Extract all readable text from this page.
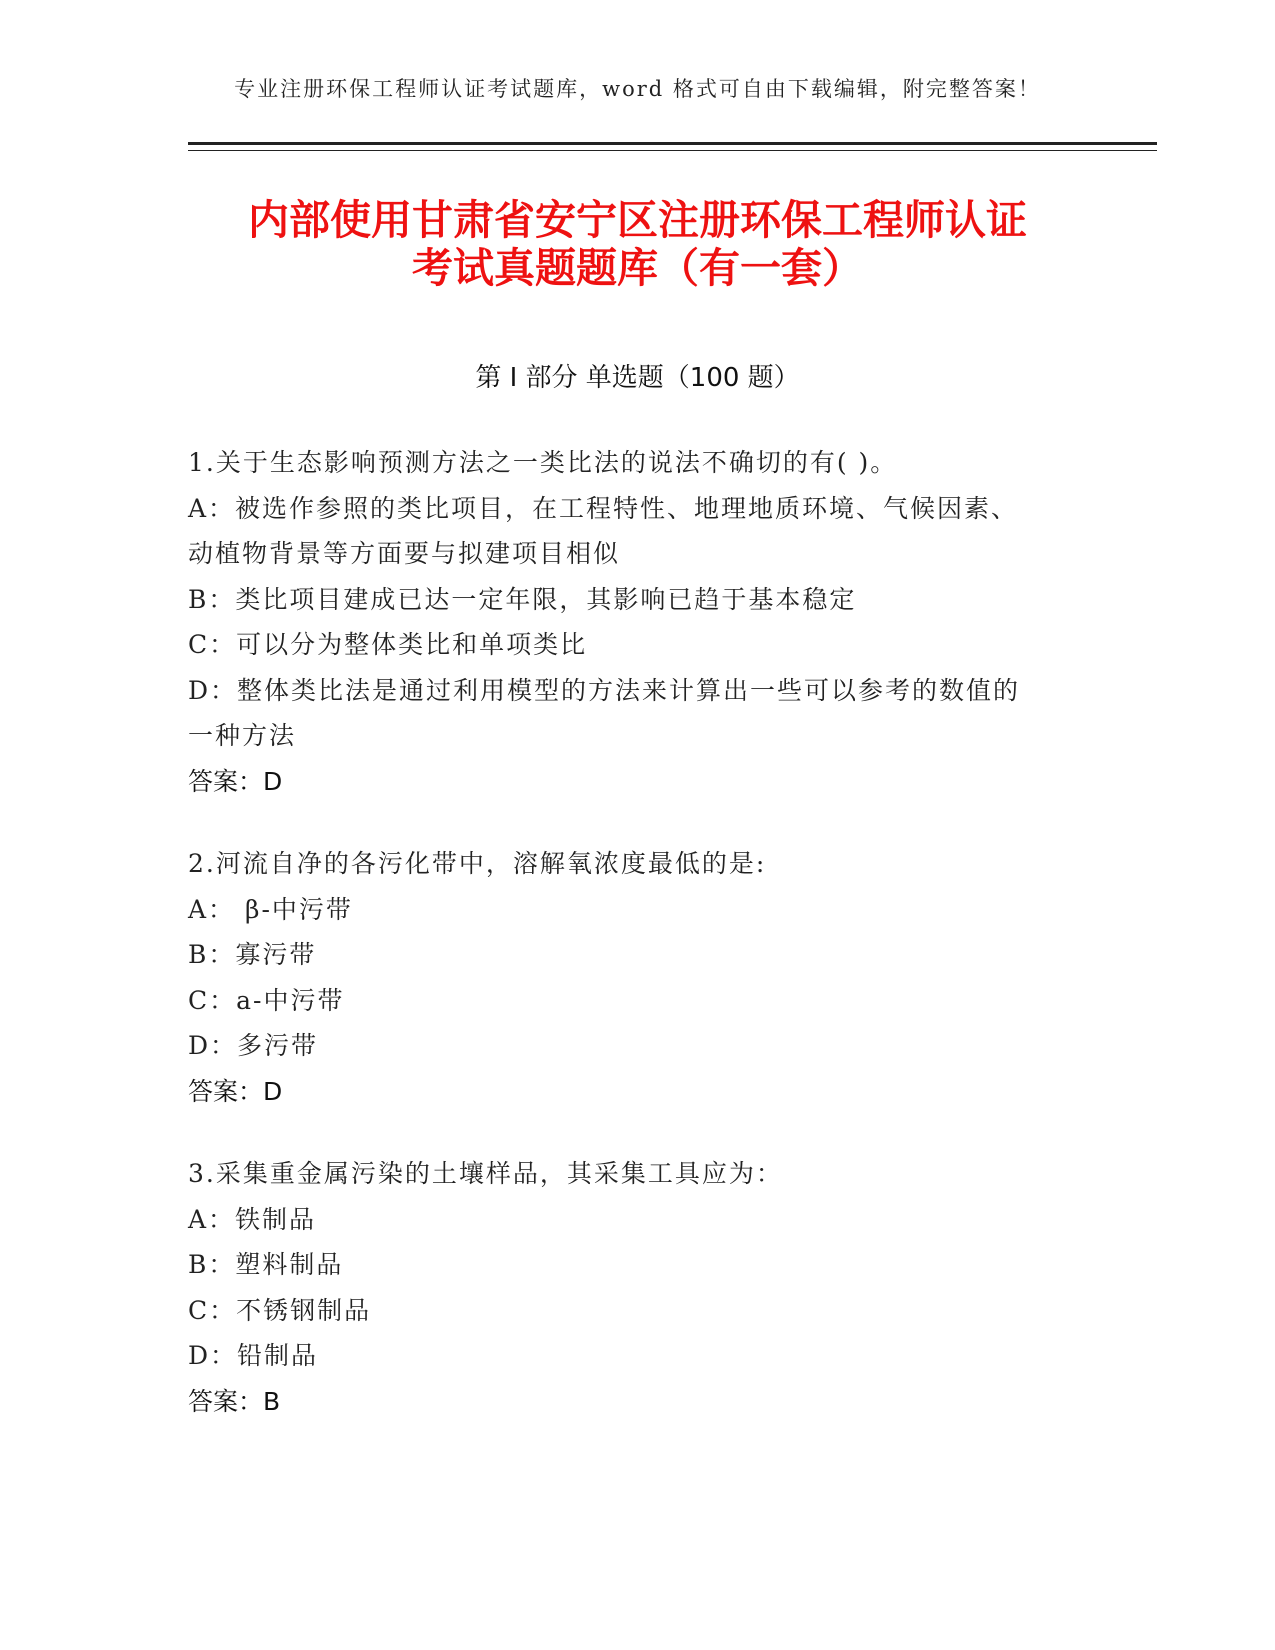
专业注册环保工程师认证考试题库，word 格式可自由下载编辑，附完整答案！
内部使用甘肃省安宁区注册环保工程师认证
考试真题题库（有一套）
第 I 部分 单选题（100 题）
1.关于生态影响预测方法之一类比法的说法不确切的有( )。
A：被选作参照的类比项目，在工程特性、地理地质环境、气候因素、
动植物背景等方面要与拟建项目相似
B：类比项目建成已达一定年限，其影响已趋于基本稳定
C：可以分为整体类比和单项类比
D：整体类比法是通过利用模型的方法来计算出一些可以参考的数值的
一种方法
答案：D
2.河流自净的各污化带中，溶解氧浓度最低的是:
A： β-中污带
B：寡污带
C：a-中污带
D：多污带
答案：D
3.采集重金属污染的土壤样品，其采集工具应为：
A：铁制品
B：塑料制品
C：不锈钢制品
D：铅制品
答案：B
